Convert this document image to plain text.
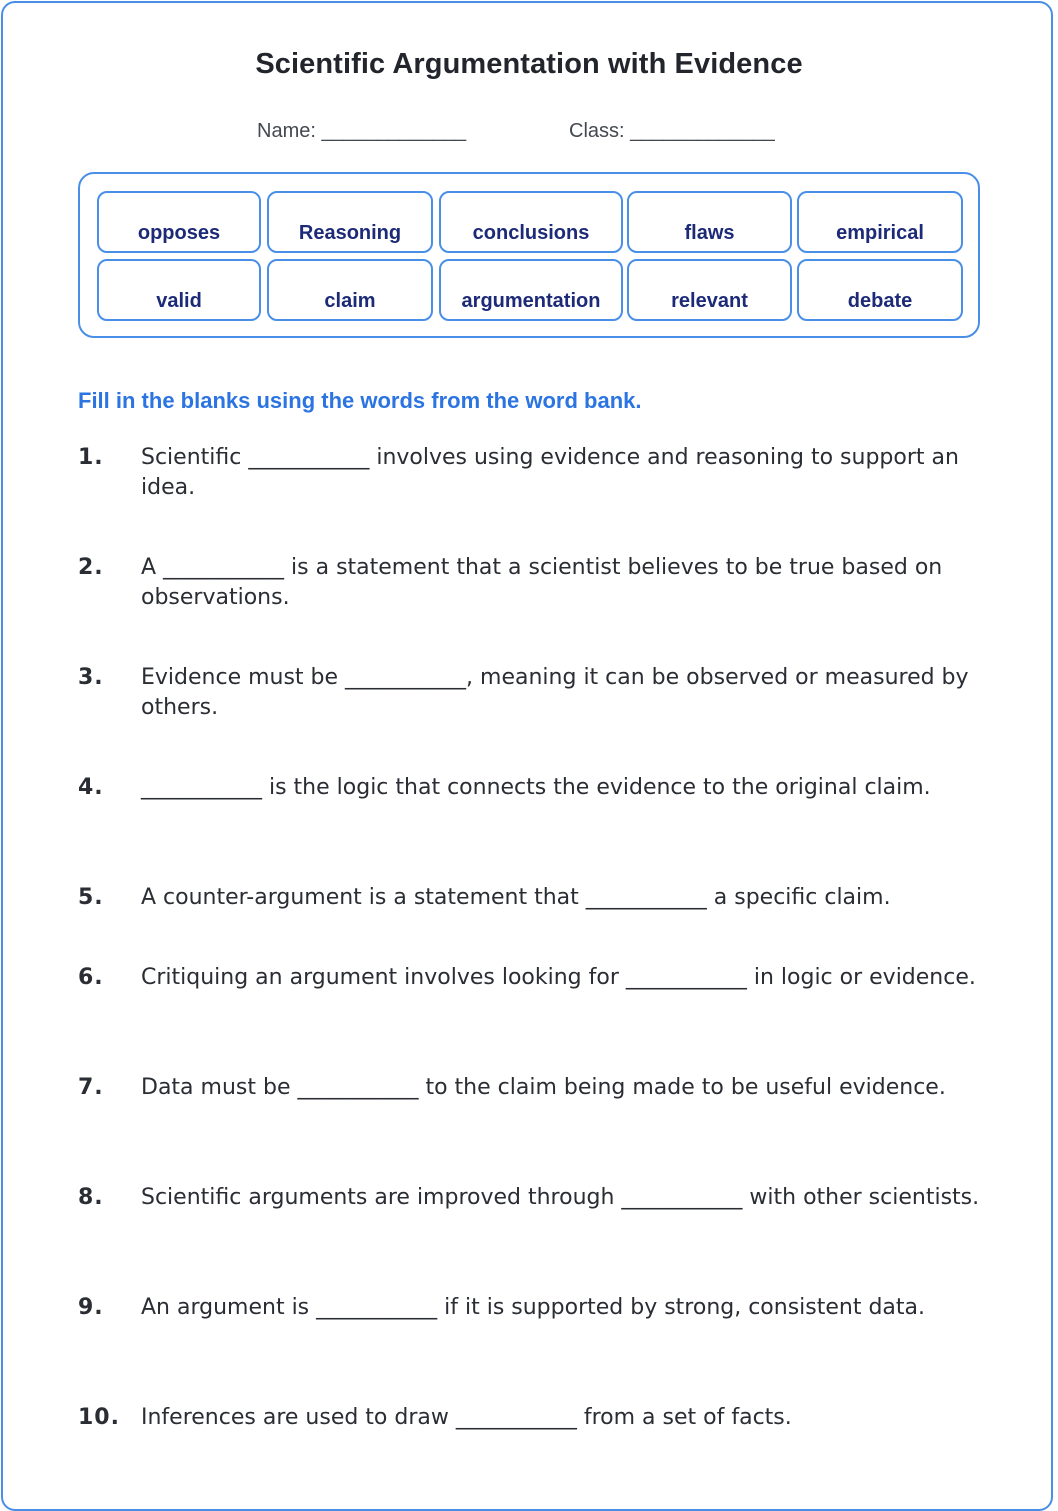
Scientific Argumentation with Evidence
Name: _____________	Class: _____________
opposes	Reasoning	conclusions	flaws	empirical
valid	claim	argumentation	relevant	debate
Fill in the blanks using the words from the word bank.
1. Scientific ___________ involves using evidence and reasoning to support an idea.
2. A ___________ is a statement that a scientist believes to be true based on observations.
3. Evidence must be ___________, meaning it can be observed or measured by others.
4. ___________ is the logic that connects the evidence to the original claim.
5. A counter-argument is a statement that ___________ a specific claim.
6. Critiquing an argument involves looking for ___________ in logic or evidence.
7. Data must be ___________ to the claim being made to be useful evidence.
8. Scientific arguments are improved through ___________ with other scientists.
9. An argument is ___________ if it is supported by strong, consistent data.
10. Inferences are used to draw ___________ from a set of facts.
